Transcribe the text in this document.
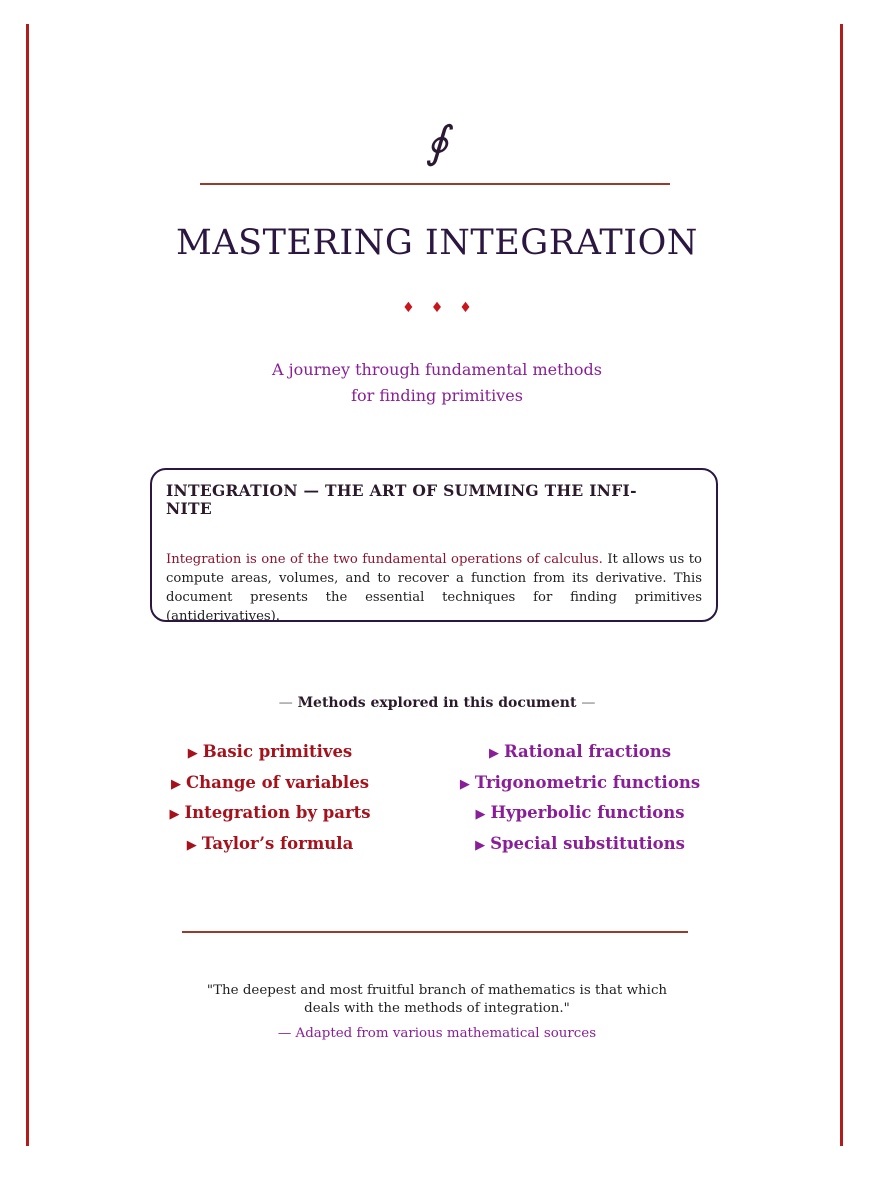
∮
MASTERING INTEGRATION
♦♦♦
A journey through fundamental methods
for finding primitives
INTEGRATION — THE ART OF SUMMING THE INFI-
NITE
Integration is one of the two fundamental operations of calculus. It allows us to compute areas, volumes, and to recover a function from its derivative. This document presents the essential techniques for finding primitives (antiderivatives).
— Methods explored in this document —
▶ Basic primitives
▶ Change of variables
▶ Integration by parts
▶ Taylor’s formula
▶ Rational fractions
▶ Trigonometric functions
▶ Hyperbolic functions
▶ Special substitutions
"The deepest and most fruitful branch of mathematics is that which
deals with the methods of integration."
— Adapted from various mathematical sources
